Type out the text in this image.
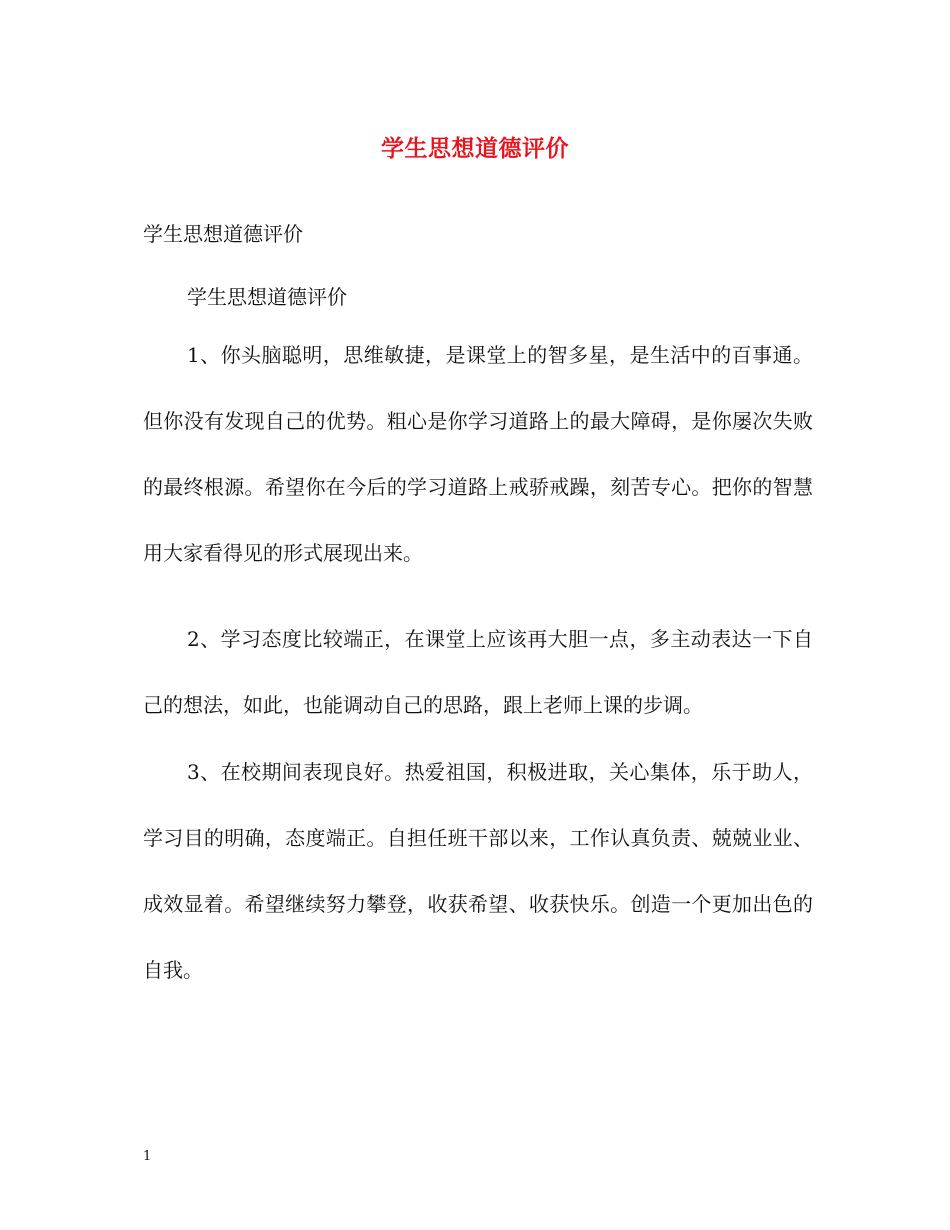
学生思想道德评价
学生思想道德评价
学生思想道德评价
1、你头脑聪明，思维敏捷，是课堂上的智多星，是生活中的百事通。但你没有发现自己的优势。粗心是你学习道路上的最大障碍，是你屡次失败的最终根源。希望你在今后的学习道路上戒骄戒躁，刻苦专心。把你的智慧用大家看得见的形式展现出来。
2、学习态度比较端正，在课堂上应该再大胆一点，多主动表达一下自己的想法，如此，也能调动自己的思路，跟上老师上课的步调。
3、在校期间表现良好。热爱祖国，积极进取，关心集体，乐于助人，学习目的明确，态度端正。自担任班干部以来，工作认真负责、兢兢业业、成效显着。希望继续努力攀登，收获希望、收获快乐。创造一个更加出色的自我。
1
